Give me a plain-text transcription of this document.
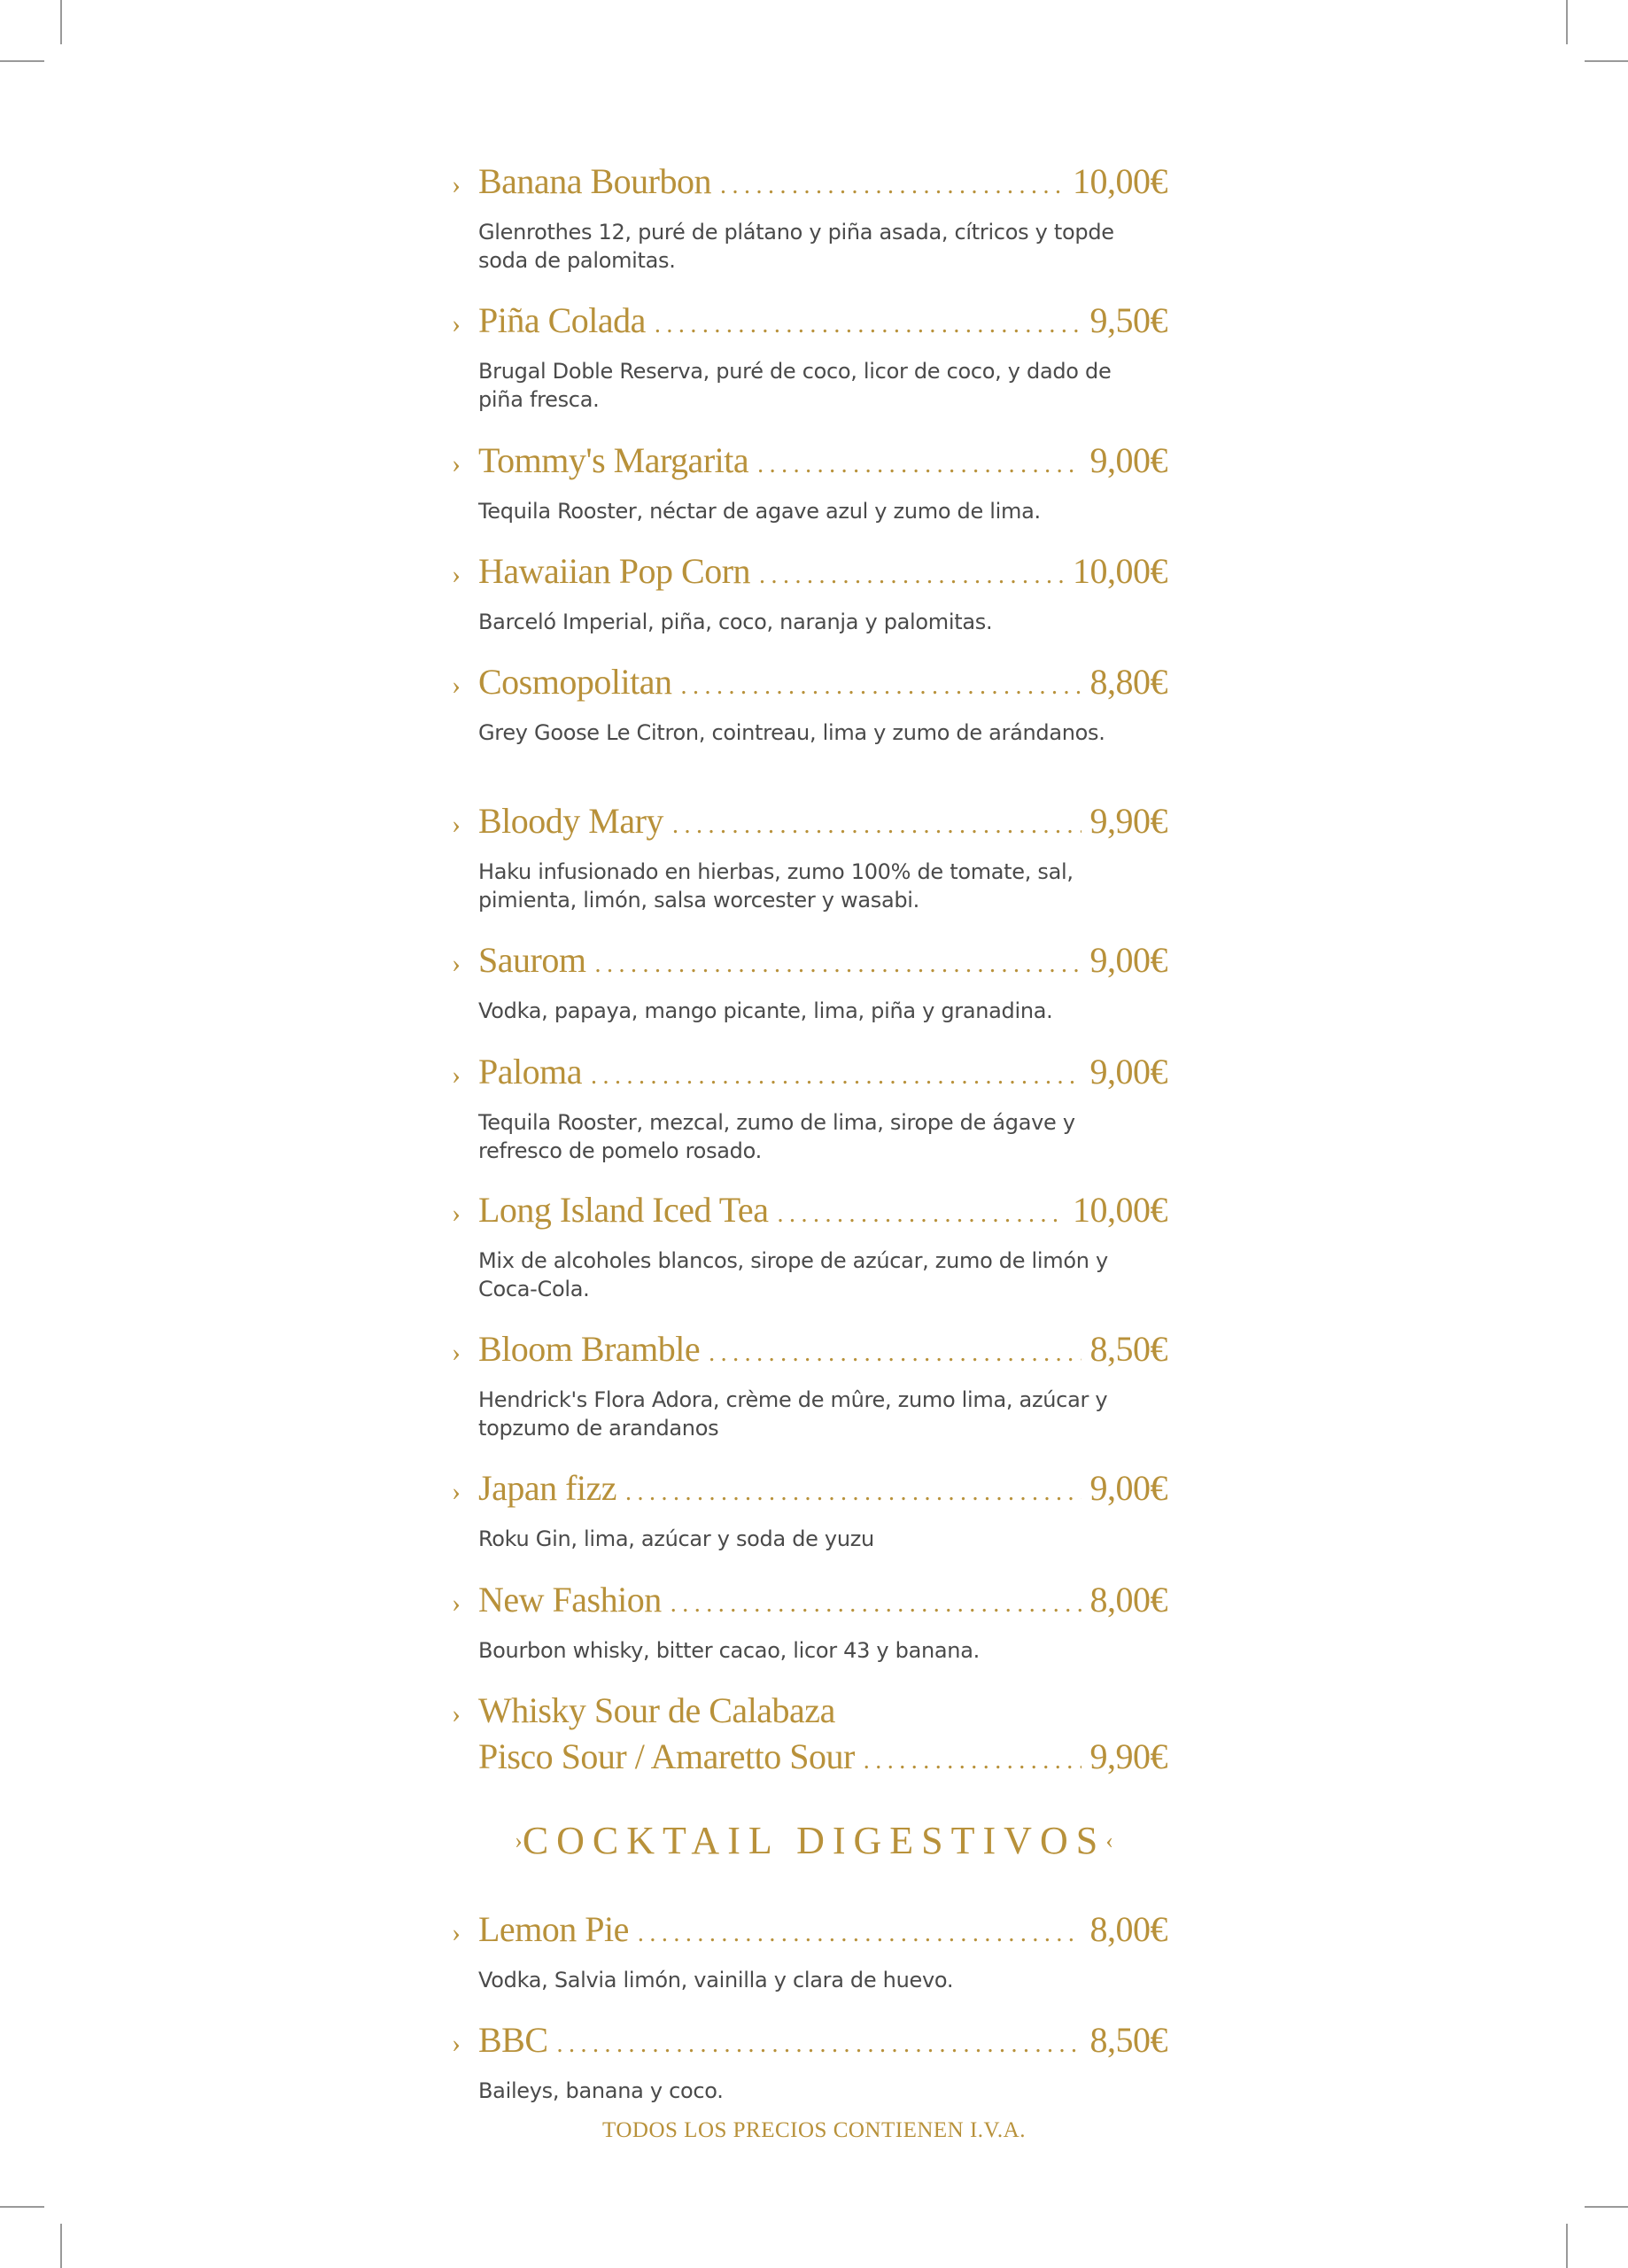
› Banana Bourbon .....	10,00€
Glenrothes 12, puré de plátano y piña asada, cítricos y topde soda de palomitas.
› Piña Colada .....	9,50€
Brugal Doble Reserva, puré de coco, licor de coco, y dado de piña fresca.
› Tommy's Margarita .....	9,00€
Tequila Rooster, néctar de agave azul y zumo de lima.
› Hawaiian Pop Corn .....	10,00€
Barceló Imperial, piña, coco, naranja y palomitas.
› Cosmopolitan .....	8,80€
Grey Goose Le Citron, cointreau, lima y zumo de arándanos.
› Bloody Mary .....	9,90€
Haku infusionado en hierbas, zumo 100% de tomate, sal, pimienta, limón, salsa worcester y wasabi.
› Saurom .....	9,00€
Vodka, papaya, mango picante, lima, piña y granadina.
› Paloma .....	9,00€
Tequila Rooster, mezcal, zumo de lima, sirope de ágave y refresco de pomelo rosado.
› Long Island Iced Tea .....	10,00€
Mix de alcoholes blancos, sirope de azúcar, zumo de limón y Coca-Cola.
› Bloom Bramble .....	8,50€
Hendrick's Flora Adora, crème de mûre, zumo lima, azúcar y topzumo de arandanos
› Japan fizz .....	9,00€
Roku Gin, lima, azúcar y soda de yuzu
› New Fashion .....	8,00€
Bourbon whisky, bitter cacao, licor 43 y banana.
› Whisky Sour de Calabaza
Pisco Sour / Amaretto Sour .....	9,90€
›COCKTAIL DIGESTIVOS‹
› Lemon Pie .....	8,00€
Vodka, Salvia limón, vainilla y clara de huevo.
› BBC .....	8,50€
Baileys, banana y coco.
TODOS LOS PRECIOS CONTIENEN I.V.A.
